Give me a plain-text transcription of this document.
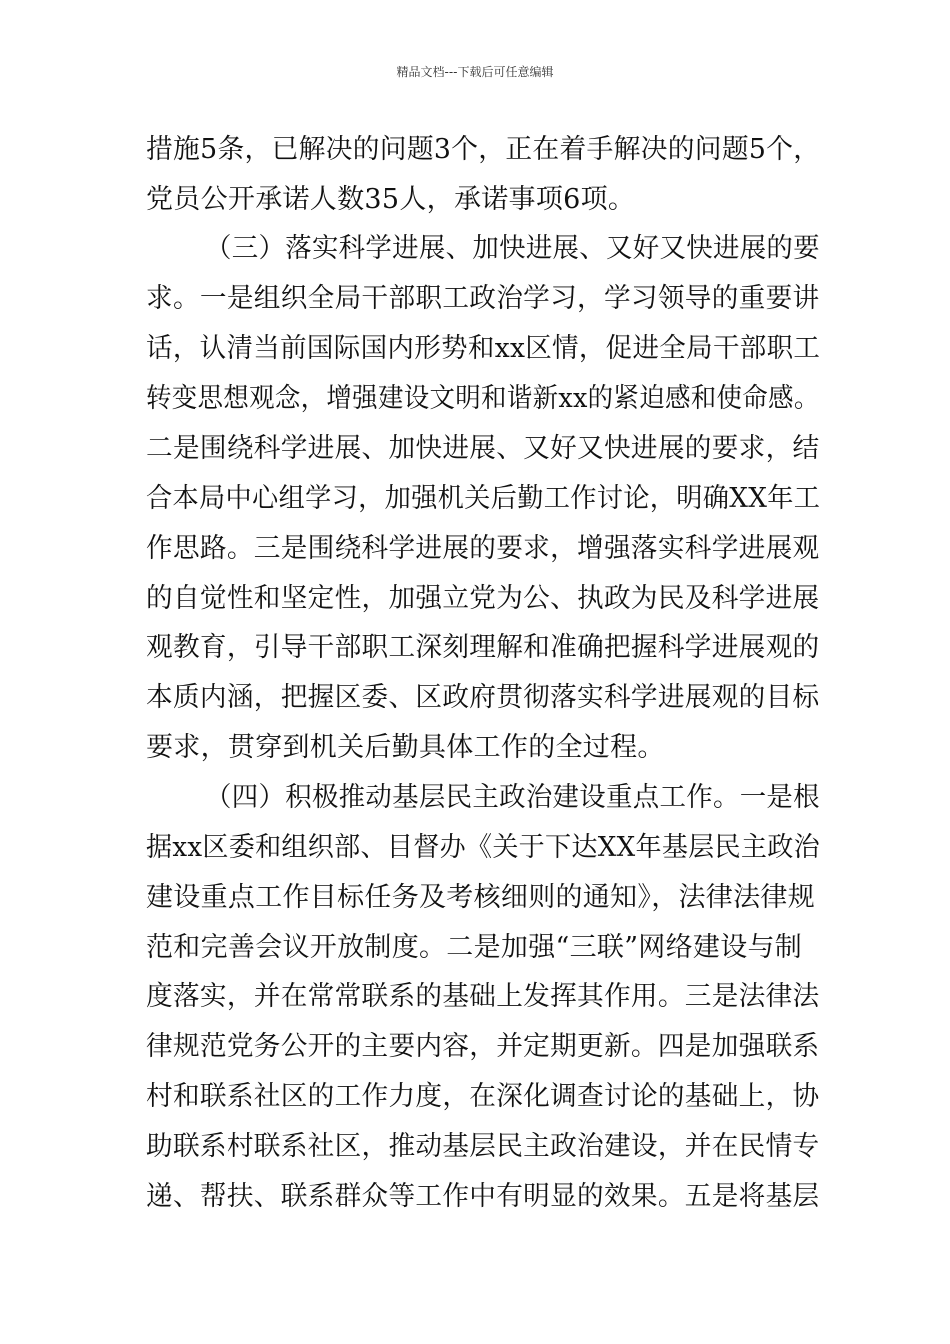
精品文档---下载后可任意编辑
措施5条，已解决的问题3个，正在着手解决的问题5个，
党员公开承诺人数35人，承诺事项6项。
（三）落实科学进展、加快进展、又好又快进展的要
求。一是组织全局干部职工政治学习，学习领导的重要讲
话，认清当前国际国内形势和xx区情，促进全局干部职工
转变思想观念，增强建设文明和谐新xx的紧迫感和使命感。
二是围绕科学进展、加快进展、又好又快进展的要求，结
合本局中心组学习，加强机关后勤工作讨论，明确XX年工
作思路。三是围绕科学进展的要求，增强落实科学进展观
的自觉性和坚定性，加强立党为公、执政为民及科学进展
观教育，引导干部职工深刻理解和准确把握科学进展观的
本质内涵，把握区委、区政府贯彻落实科学进展观的目标
要求，贯穿到机关后勤具体工作的全过程。
（四）积极推动基层民主政治建设重点工作。一是根
据xx区委和组织部、目督办《关于下达XX年基层民主政治
建设重点工作目标任务及考核细则的通知》，法律法律规
范和完善会议开放制度。二是加强“三联”网络建设与制
度落实，并在常常联系的基础上发挥其作用。三是法律法
律规范党务公开的主要内容，并定期更新。四是加强联系
村和联系社区的工作力度，在深化调查讨论的基础上，协
助联系村联系社区，推动基层民主政治建设，并在民情专
递、帮扶、联系群众等工作中有明显的效果。五是将基层
